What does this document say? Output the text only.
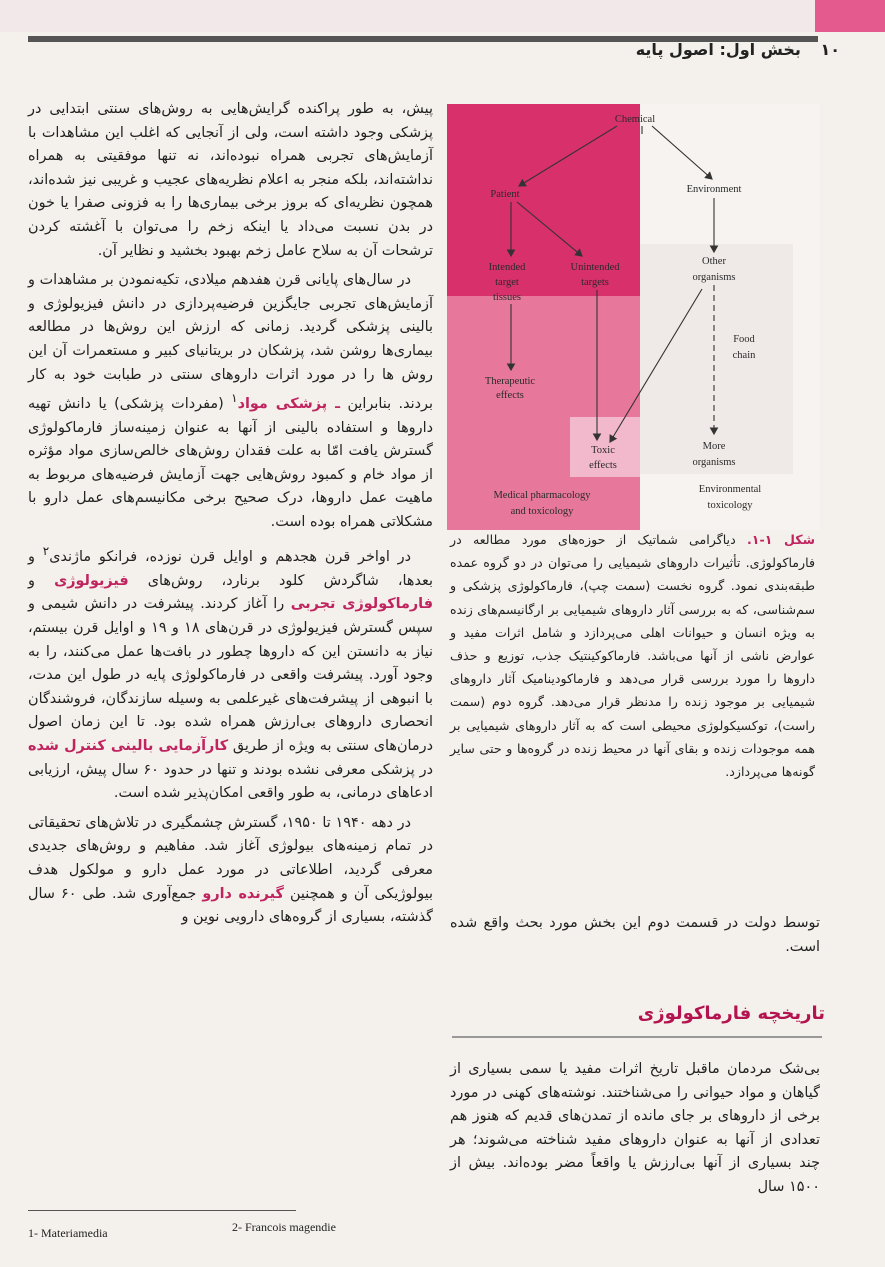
۱۰ بخش اول: اصول پایه

پیش، به طور پراکنده گرایش‌هایی به روش‌های سنتی ابتدایی در پزشکی وجود داشته است، ولی از آنجایی که اغلب این مشاهدات با آزمایش‌های تجربی همراه نبوده‌اند، نه تنها موفقیتی به همراه نداشته‌اند، بلکه منجر به اعلام نظریه‌های عجیب و غریبی نیز شده‌اند، همچون نظریه‌ای که بروز برخی بیماری‌ها را به فزونی صفرا یا خون در بدن نسبت می‌داد یا اینکه زخم را می‌توان با آغشته کردن ترشحات آن به سلاح عامل زخم بهبود بخشید و نظایر آن.

در سال‌های پایانی قرن هفدهم میلادی، تکیه‌نمودن بر مشاهدات و آزمایش‌های تجربی جایگزین فرضیه‌پردازی در دانش فیزیولوژی و بالینی پزشکی گردید. زمانی که ارزش این روش‌ها در مطالعه بیماری‌ها روشن شد، پزشکان در بریتانیای کبیر و مستعمرات آن این روش ها را در مورد اثرات داروهای سنتی در طبابت خود به کار بردند. بنابراین ـ پزشکی مواد$^۱$ (مفردات پزشکی) یا دانش تهیه داروها و استفاده بالینی از آنها به عنوان زمینه‌ساز فارماکولوژی گسترش یافت امّا به علت فقدان روش‌های خالص‌سازی مواد مؤثره از مواد خام و کمبود روش‌هایی جهت آزمایش فرضیه‌های مربوط به ماهیت عمل داروها، درک صحیح برخی مکانیسم‌های عمل دارو با مشکلاتی همراه بوده است.

در اواخر قرن هجدهم و اوایل قرن نوزده، فرانکو ماژندی$^۲$ و بعدها، شاگردش کلود برنارد، روش‌های فیزیولوژی و فارماکولوژی تجربی را آغاز کردند. پیشرفت در دانش شیمی و سپس گسترش فیزیولوژی در قرن‌های ۱۸ و ۱۹ و اوایل قرن بیستم، نیاز به دانستن این که داروها چطور در بافت‌ها عمل می‌کنند، را به وجود آورد. پیشرفت واقعی در فارماکولوژی پایه در طول این مدت، با انبوهی از پیشرفت‌های غیرعلمی به وسیله سازندگان، فروشندگان انحصاری داروهای بی‌ارزش همراه شده بود. تا این زمان اصول درمان‌های سنتی به ویژه از طریق کارآزمایی بالینی کنترل شده در پزشکی معرفی نشده بودند و تنها در حدود ۶۰ سال پیش، ارزیابی ادعاهای درمانی، به طور واقعی امکان‌پذیر شده است.

در دهه ۱۹۴۰ تا ۱۹۵۰، گسترش چشمگیری در تلاش‌های تحقیقاتی در تمام زمینه‌های بیولوژی آغاز شد. مفاهیم و روش‌های جدیدی معرفی گردید، اطلاعاتی در مورد عمل دارو و مولکول هدف بیولوژیکی آن و همچنین گیرنده دارو جمع‌آوری شد. طی ۶۰ سال گذشته، بسیاری از گروه‌های دارویی نوین و

Chemical
Patient	Environment
Intended
target
tissues
Unintended
targets
Other
organisms
Food
chain
Therapeutic
effects
Toxic
effects
More
organisms
Medical pharmacology
and toxicology
Environmental
toxicology
شکل ۱-۱. دیاگرامی شماتیک از حوزه‌های مورد مطالعه در فارماکولوژی. تأثیرات داروهای شیمیایی را می‌توان در دو گروه عمده طبقه‌بندی نمود. گروه نخست (سمت چپ)، فارماکولوژی پزشکی و سم‌شناسی، که به بررسی آثار داروهای شیمیایی بر ارگانیسم‌های زنده به ویژه انسان و حیوانات اهلی می‌پردازد و شامل اثرات مفید و عوارض ناشی از آنها می‌باشد. فارماکوکینتیک جذب، توزیع و حذف داروها را مورد بررسی قرار می‌دهد و فارماکودینامیک آثار داروهای شیمیایی بر موجود زنده را مدنظر قرار می‌دهد. گروه دوم (سمت راست)، توکسیکولوژی محیطی است که به آثار داروهای شیمیایی بر همه موجودات زنده و بقای آنها در محیط زنده در گروه‌ها و حتی سایر گونه‌ها می‌پردازد.
توسط دولت در قسمت دوم این بخش مورد بحث واقع شده است.
تاریخچه فارماکولوژی
بی‌شک مردمان ماقبل تاریخ اثرات مفید یا سمی بسیاری از گیاهان و مواد حیوانی را می‌شناختند. نوشته‌های کهنی در مورد برخی از داروهای بر جای مانده از تمدن‌های قدیم که هنوز هم تعدادی از آنها به عنوان داروهای مفید شناخته می‌شوند؛ هر چند بسیاری از آنها بی‌ارزش یا واقعاً مضر بوده‌اند. بیش از ۱۵۰۰ سال
1- Materiamedia	2- Francois magendie
